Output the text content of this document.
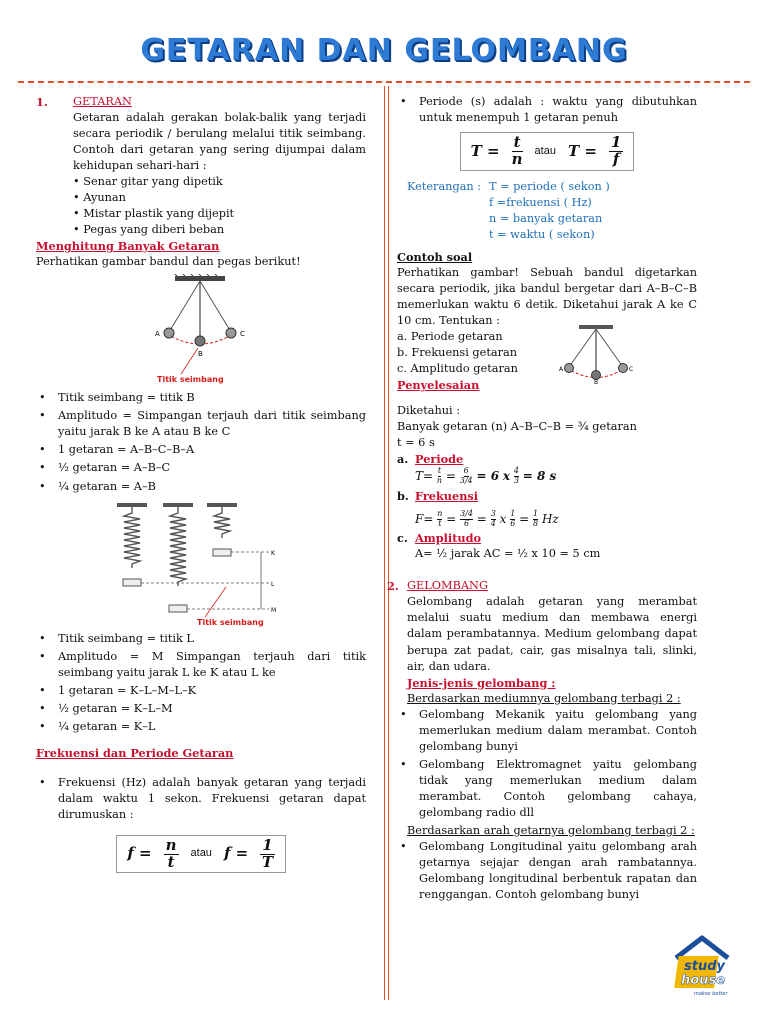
GETARAN DAN GELOMBANG
1.	GETARAN

Getaran adalah gerakan bolak-balik yang terjadi secara periodik / berulang melalui titik seimbang. Contoh dari getaran yang sering dijumpai dalam kehidupan sehari-hari :

• Senar gitar yang dipetik
• Ayunan
• Mistar plastik yang dijepit
• Pegas yang diberi beban
Menghitung Banyak Getaran

Perhatikan gambar bandul dan pegas berikut!

A
B
C
Titik seimbang
• Titik seimbang = titik B
• Amplitudo = Simpangan terjauh dari titik seimbang yaitu jarak B ke A atau B ke C
• 1 getaran = A–B–C–B–A
• ½ getaran = A–B–C
• ¼ getaran = A–B
K
L
M
Titik seimbang
• Titik seimbang = titik L
• Amplitudo = M Simpangan terjauh dari titik seimbang yaitu jarak L ke K atau L ke
• 1 getaran = K–L–M–L–K
• ½ getaran = K–L–M
• ¼ getaran = K–L
Frekuensi dan Periode Getaran
• Frekuensi (Hz) adalah banyak getaran yang terjadi dalam waktu 1 sekon. Frekuensi getaran dapat dirumuskan :
$f = \frac{n}{t}$ atau $f = \frac{1}{T}$
• Periode (s) adalah : waktu yang dibutuhkan untuk menempuh 1 getaran penuh
$T = \frac{t}{n}$ atau $T = \frac{1}{f}$
Keterangan : T = periode ( sekon )
f =frekuensi ( Hz)
n = banyak getaran
t = waktu ( sekon)
Contoh soal

Perhatikan gambar! Sebuah bandul digetarkan secara periodik, jika bandul bergetar dari A–B–C–B memerlukan waktu 6 detik. Diketahui jarak A ke C 10 cm. Tentukan :

a. Periode getaran
b. Frekuensi getaran
c. Amplitudo getaran	A
B
C
Penyelesaian
Diketahui :
Banyak getaran (n) A–B–C–B = ¾ getaran
t = 6 s
a. Periode
$T= \frac{t}{n} = \frac{6}{3/4} = 6$ x $\frac{4}{3} = 8$ s
b. Frekuensi
$F= \frac{n}{t} = \frac{3/4}{6} = \frac{3}{4}$ x $\frac{1}{6} = \frac{1}{8}$ Hz
c. Amplitudo
A= ½ jarak AC = ½ x 10 = 5 cm
2. GELOMBANG

Gelombang adalah getaran yang merambat melalui suatu medium dan membawa energi dalam perambatannya. Medium gelombang dapat berupa zat padat, cair, gas misalnya tali, slinki, air, dan udara.

Jenis-jenis gelombang :
Berdasarkan mediumnya gelombang terbagi 2 :
• Gelombang Mekanik yaitu gelombang yang memerlukan medium dalam merambat. Contoh gelombang bunyi
• Gelombang Elektromagnet yaitu gelombang tidak yang memerlukan medium dalam merambat. Contoh gelombang cahaya, gelombang radio dll
Berdasarkan arah getarnya gelombang terbagi 2 :
• Gelombang Longitudinal yaitu gelombang arah getarnya sejajar dengan arah rambatannya. Gelombang longitudinal berbentuk rapatan dan renggangan. Contoh gelombang bunyi
study
house
makes better
